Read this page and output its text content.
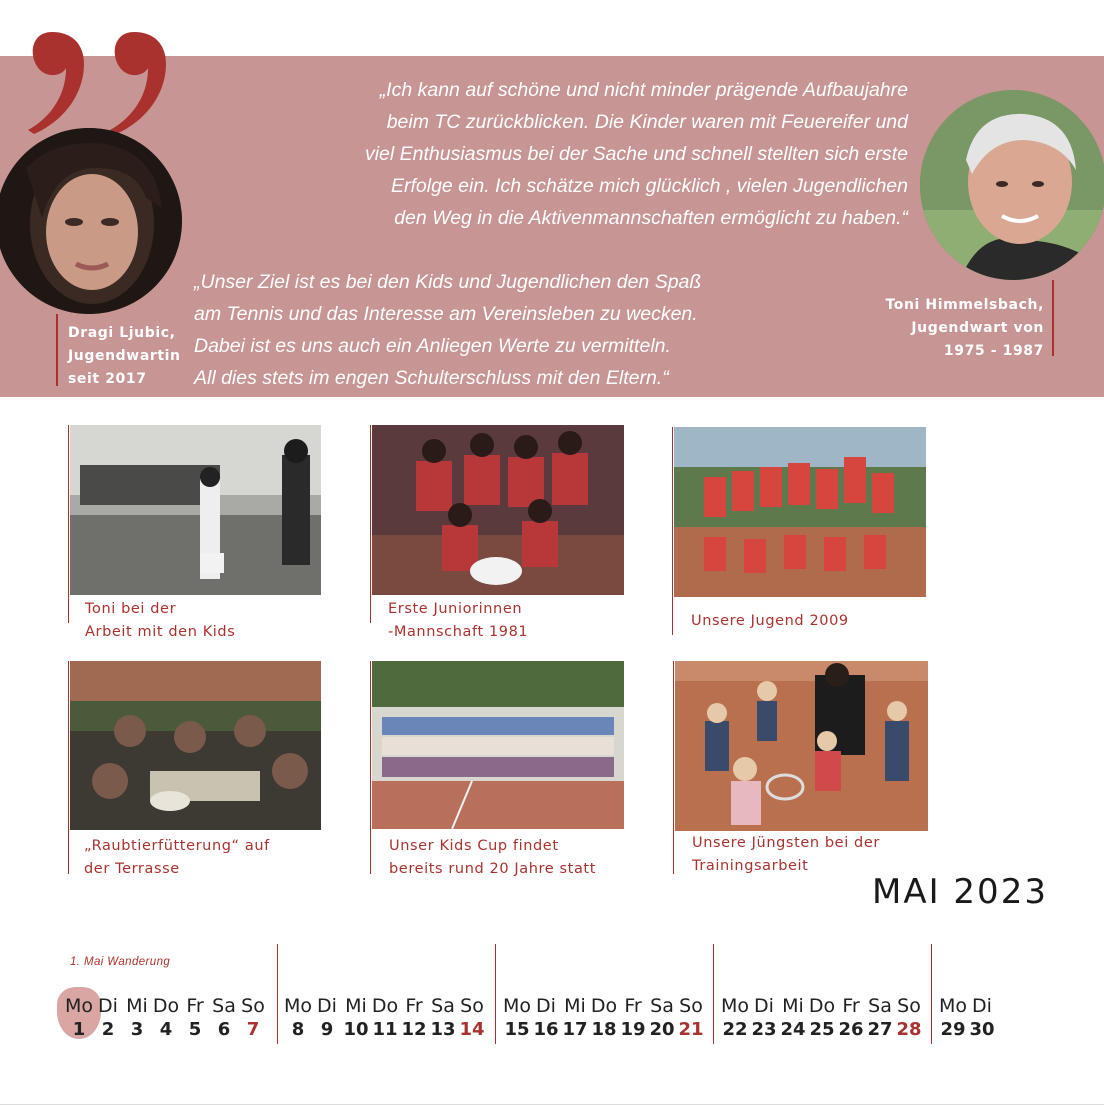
„Ich kann auf schöne und nicht minder prägende Aufbaujahre
beim TC zurückblicken. Die Kinder waren mit Feuereifer und
viel Enthusiasmus bei der Sache und schnell stellten sich erste
Erfolge ein. Ich schätze mich glücklich , vielen Jugendlichen
den Weg in die Aktivenmannschaften ermöglicht zu haben.“
„Unser Ziel ist es bei den Kids und Jugendlichen den Spaß
am Tennis und das Interesse am Vereinsleben zu wecken.
Dabei ist es uns auch ein Anliegen Werte zu vermitteln.
All dies stets im engen Schulterschluss mit den Eltern.“
Dragi Ljubic,
Jugendwartin
seit 2017
Toni Himmelsbach,
Jugendwart von
1975 - 1987
Toni bei der
Arbeit mit den Kids
Erste Juniorinnen
-Mannschaft 1981
Unsere Jugend 2009
„Raubtierfütterung“ auf
der Terrasse
Unser Kids Cup findet
bereits rund 20 Jahre statt
Unsere Jüngsten bei der
Trainingsarbeit
MAI 2023
1. Mai Wanderung
Mo
1
Di
2
Mi
3
Do
4
Fr
5
Sa
6
So
7
Mo
8
Di
9
Mi
10
Do
11
Fr
12
Sa
13
So
14
Mo
15
Di
16
Mi
17
Do
18
Fr
19
Sa
20
So
21
Mo
22
Di
23
Mi
24
Do
25
Fr
26
Sa
27
So
28
Mo
29
Di
30
